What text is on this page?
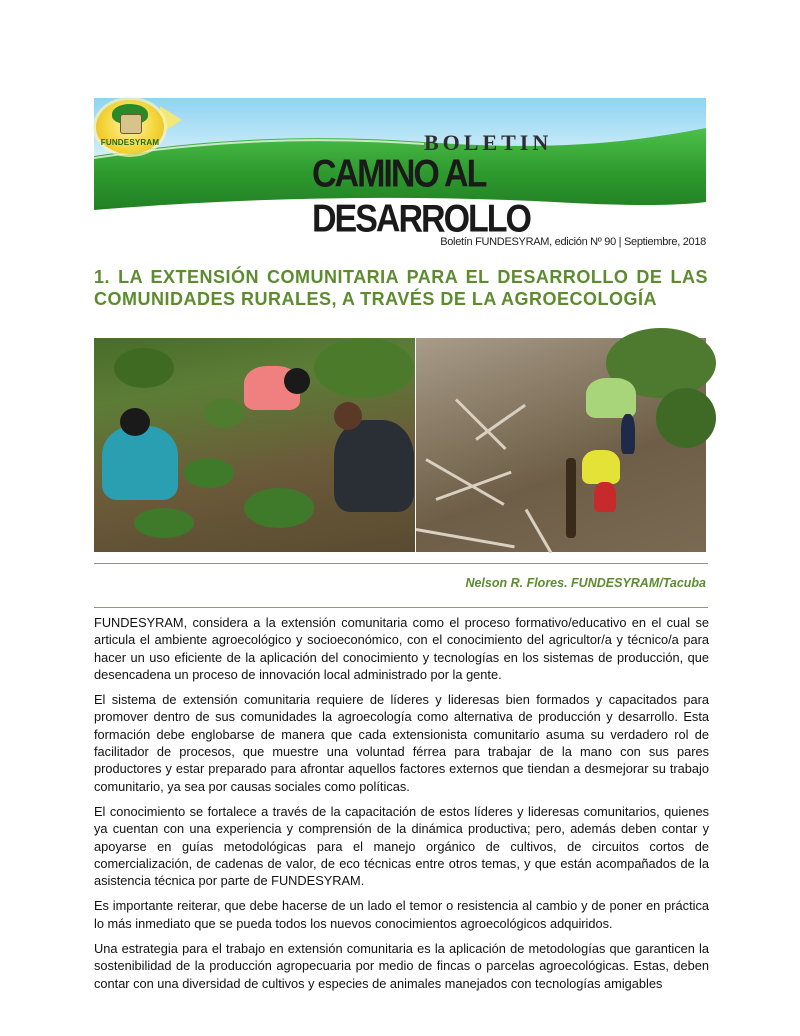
FUNDESYRAM	BOLETIN
CAMINO AL DESARROLLO
Boletín FUNDESYRAM, edición Nº 90 | Septiembre, 2018
1. LA EXTENSIÓN COMUNITARIA PARA EL DESARROLLO DE LAS COMUNIDADES RURALES, A TRAVÉS DE LA AGROECOLOGÍA
Nelson R. Flores. FUNDESYRAM/Tacuba

FUNDESYRAM, considera a la extensión comunitaria como el proceso formativo/educativo en el cual se articula el ambiente agroecológico y socioeconómico, con el conocimiento del agricultor/a y técnico/a para hacer un uso eficiente de la aplicación del conocimiento y tecnologías en los sistemas de producción, que desencadena un proceso de innovación local administrado por la gente.

El sistema de extensión comunitaria requiere de líderes y lideresas bien formados y capacitados para promover dentro de sus comunidades la agroecología como alternativa de producción y desarrollo. Esta formación debe englobarse de manera que cada extensionista comunitario asuma su verdadero rol de facilitador de procesos, que muestre una voluntad férrea para trabajar de la mano con sus pares productores y estar preparado para afrontar aquellos factores externos que tiendan a desmejorar su trabajo comunitario, ya sea por causas sociales como políticas.

El conocimiento se fortalece a través de la capacitación de estos líderes y lideresas comunitarios, quienes ya cuentan con una experiencia y comprensión de la dinámica productiva; pero, además deben contar y apoyarse en guías metodológicas para el manejo orgánico de cultivos, de circuitos cortos de comercialización, de cadenas de valor, de eco técnicas entre otros temas, y que están acompañados de la asistencia técnica por parte de FUNDESYRAM.

Es importante reiterar, que debe hacerse de un lado el temor o resistencia al cambio y de poner en práctica lo más inmediato que se pueda todos los nuevos conocimientos agroecológicos adquiridos.

Una estrategia para el trabajo en extensión comunitaria es la aplicación de metodologías que garanticen la sostenibilidad de la producción agropecuaria por medio de fincas o parcelas agroecológicas. Estas, deben contar con una diversidad de cultivos y especies de animales manejados con tecnologías amigables
